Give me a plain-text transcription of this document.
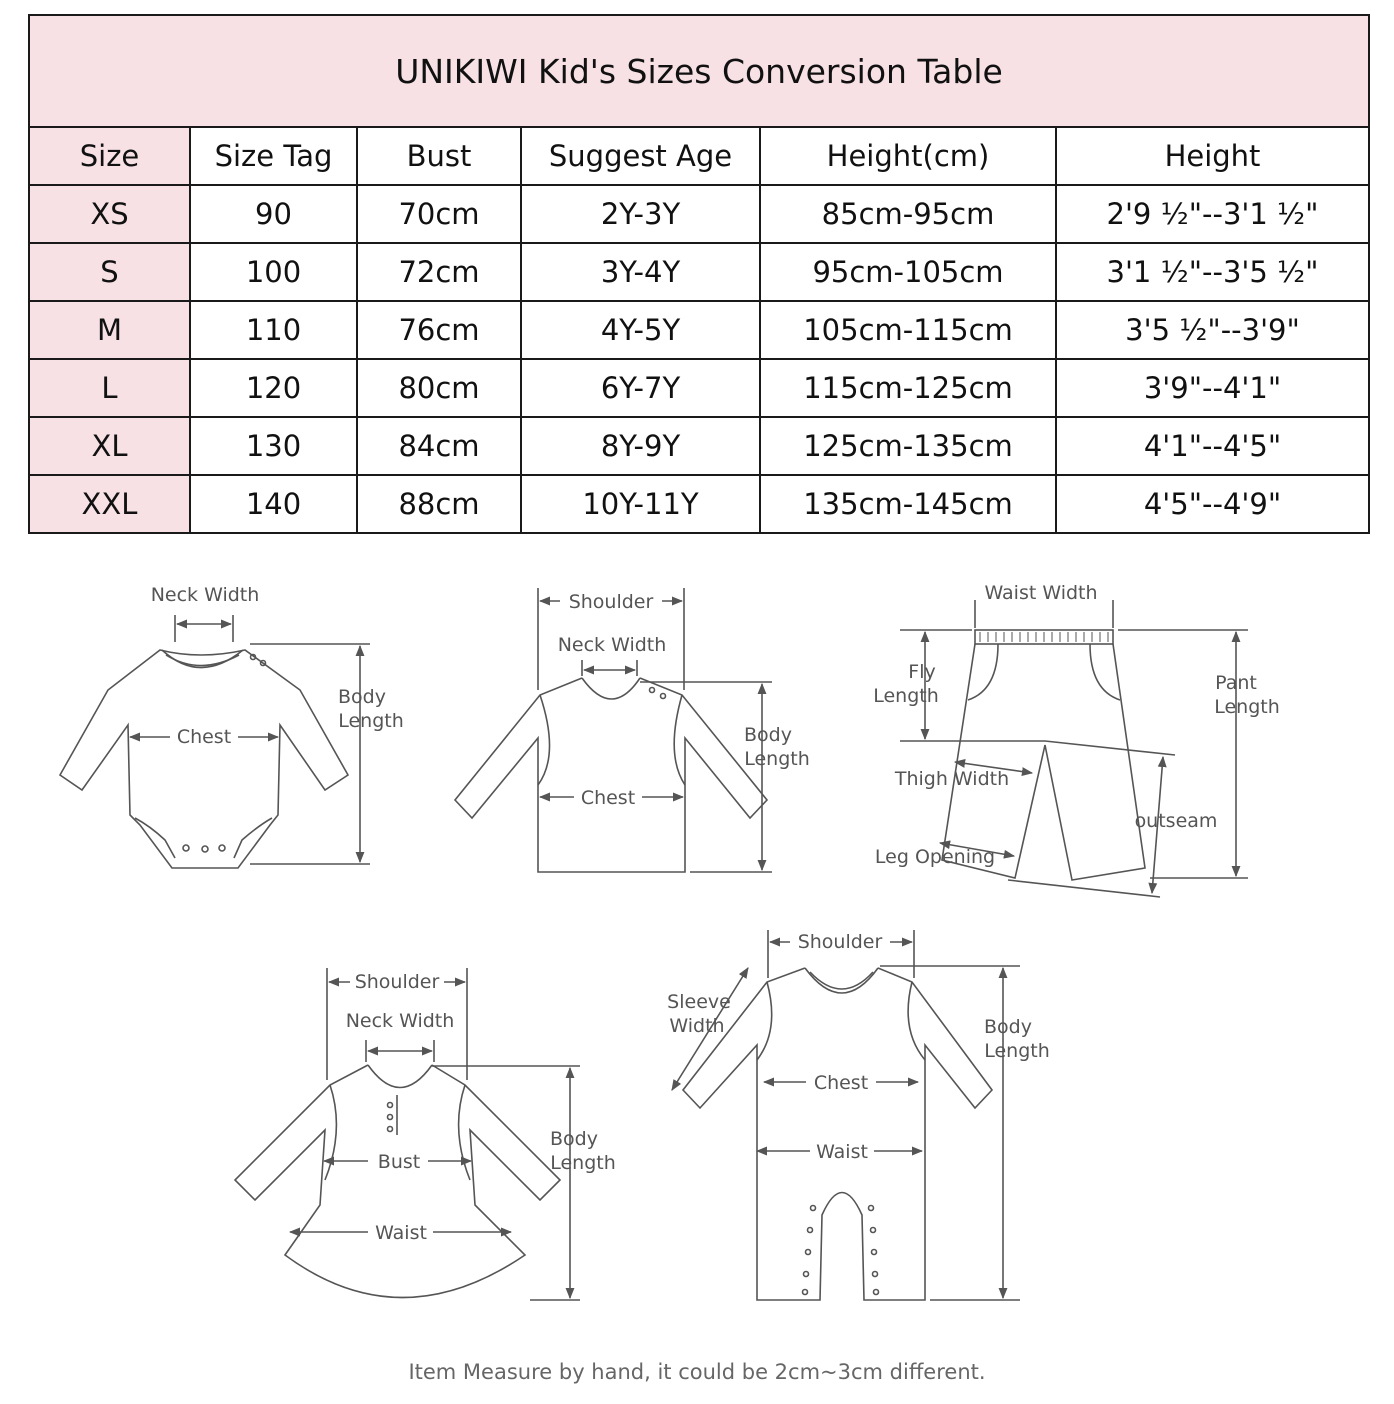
UNIKIWI Kid's Sizes Conversion Table					
Size	Size Tag	Bust	Suggest Age	Height(cm)	Height
XS	90	70cm	2Y-3Y	85cm-95cm	2'9 ½"--3'1 ½"
S	100	72cm	3Y-4Y	95cm-105cm	3'1 ½"--3'5 ½"
M	110	76cm	4Y-5Y	105cm-115cm	3'5 ½"--3'9"
L	120	80cm	6Y-7Y	115cm-125cm	3'9"--4'1"
XL	130	84cm	8Y-9Y	125cm-135cm	4'1"--4'5"
XXL	140	88cm	10Y-11Y	135cm-145cm	4'5"--4'9"
Neck Width
Chest
Body
Length
Shoulder
Neck Width
Chest
Body
Length
Waist Width
Fly
Length
Pant
Length
Thigh Width
outseam
Leg Opening
Shoulder
Neck Width
Bust
Waist
Body
Length
Shoulder
Sleeve
Width
Chest
Waist
Body
Length
Item Measure by hand, it could be 2cm~3cm different.
